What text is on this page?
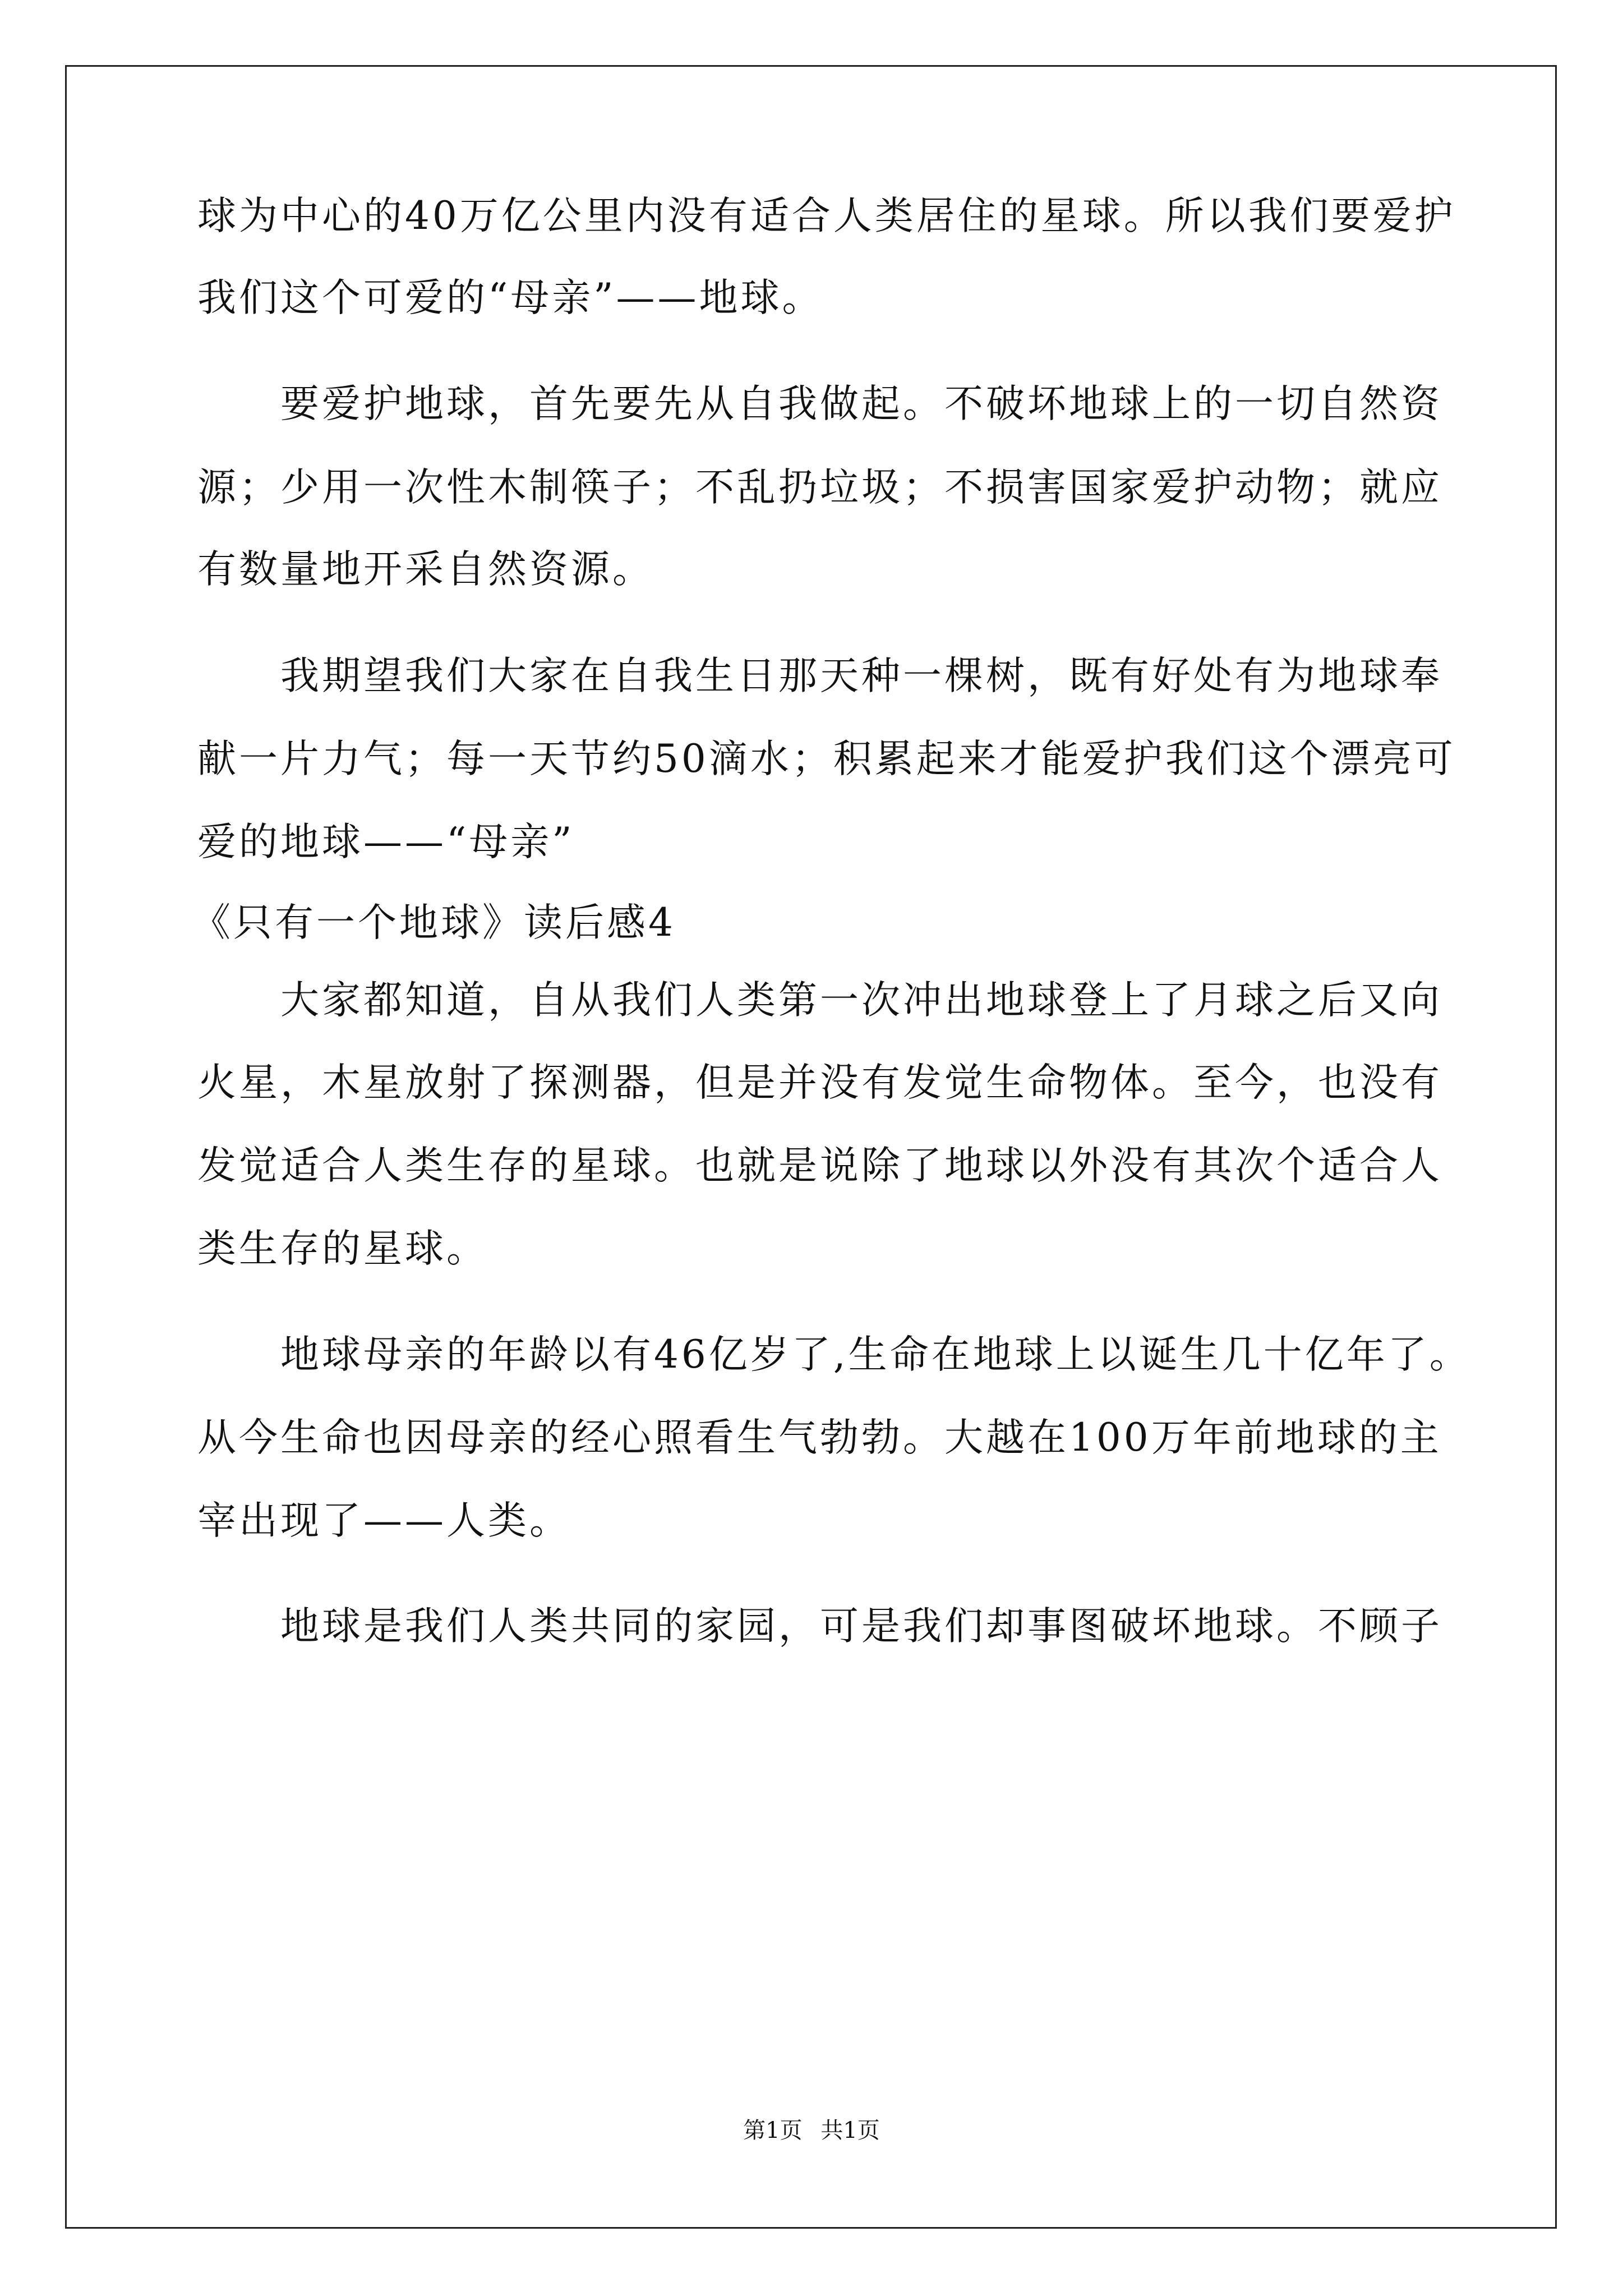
球为中心的40万亿公里内没有适合人类居住的星球。所以我们要爱护
我们这个可爱的“母亲”——地球。
要爱护地球，首先要先从自我做起。不破坏地球上的一切自然资
源；少用一次性木制筷子；不乱扔垃圾；不损害国家爱护动物；就应
有数量地开采自然资源。
我期望我们大家在自我生日那天种一棵树，既有好处有为地球奉
献一片力气；每一天节约50滴水；积累起来才能爱护我们这个漂亮可
爱的地球——“母亲”
《只有一个地球》读后感4
大家都知道，自从我们人类第一次冲出地球登上了月球之后又向
火星，木星放射了探测器，但是并没有发觉生命物体。至今，也没有
发觉适合人类生存的星球。也就是说除了地球以外没有其次个适合人
类生存的星球。
地球母亲的年龄以有46亿岁了,生命在地球上以诞生几十亿年了。
从今生命也因母亲的经心照看生气勃勃。大越在100万年前地球的主
宰出现了——人类。
地球是我们人类共同的家园，可是我们却事图破坏地球。不顾子
第1页 共1页
